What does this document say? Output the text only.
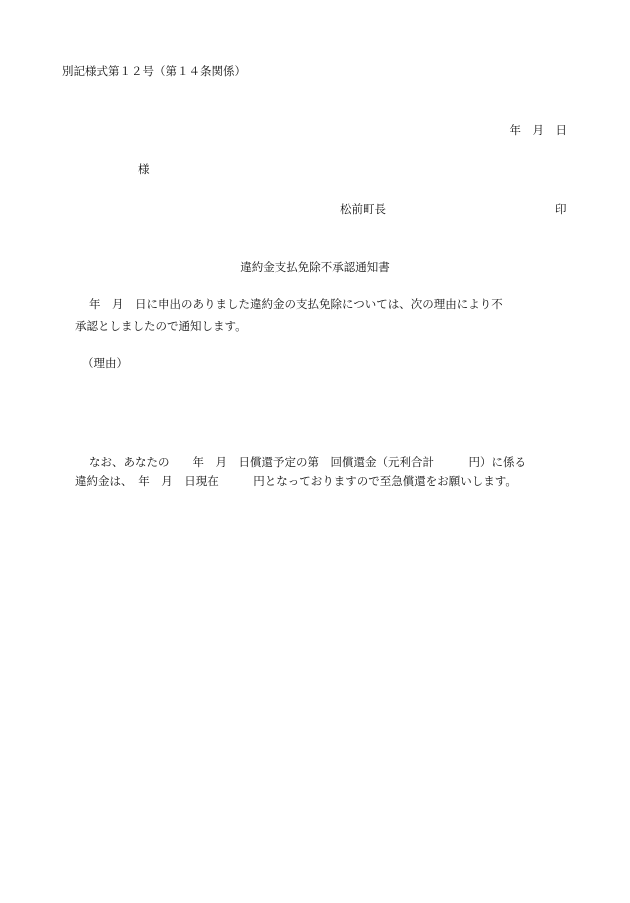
別記様式第１２号（第１４条関係）
年　月　日
様
松前町長	印
違約金支払免除不承認通知書
年　月　日に申出のありました違約金の支払免除については、次の理由により不
承認としましたので通知します。
（理由）
なお、あなたの　　年　月　日償還予定の第　回償還金（元利合計　　　円）に係る
違約金は、　年　月　日現在　　　円となっておりますので至急償還をお願いします。
